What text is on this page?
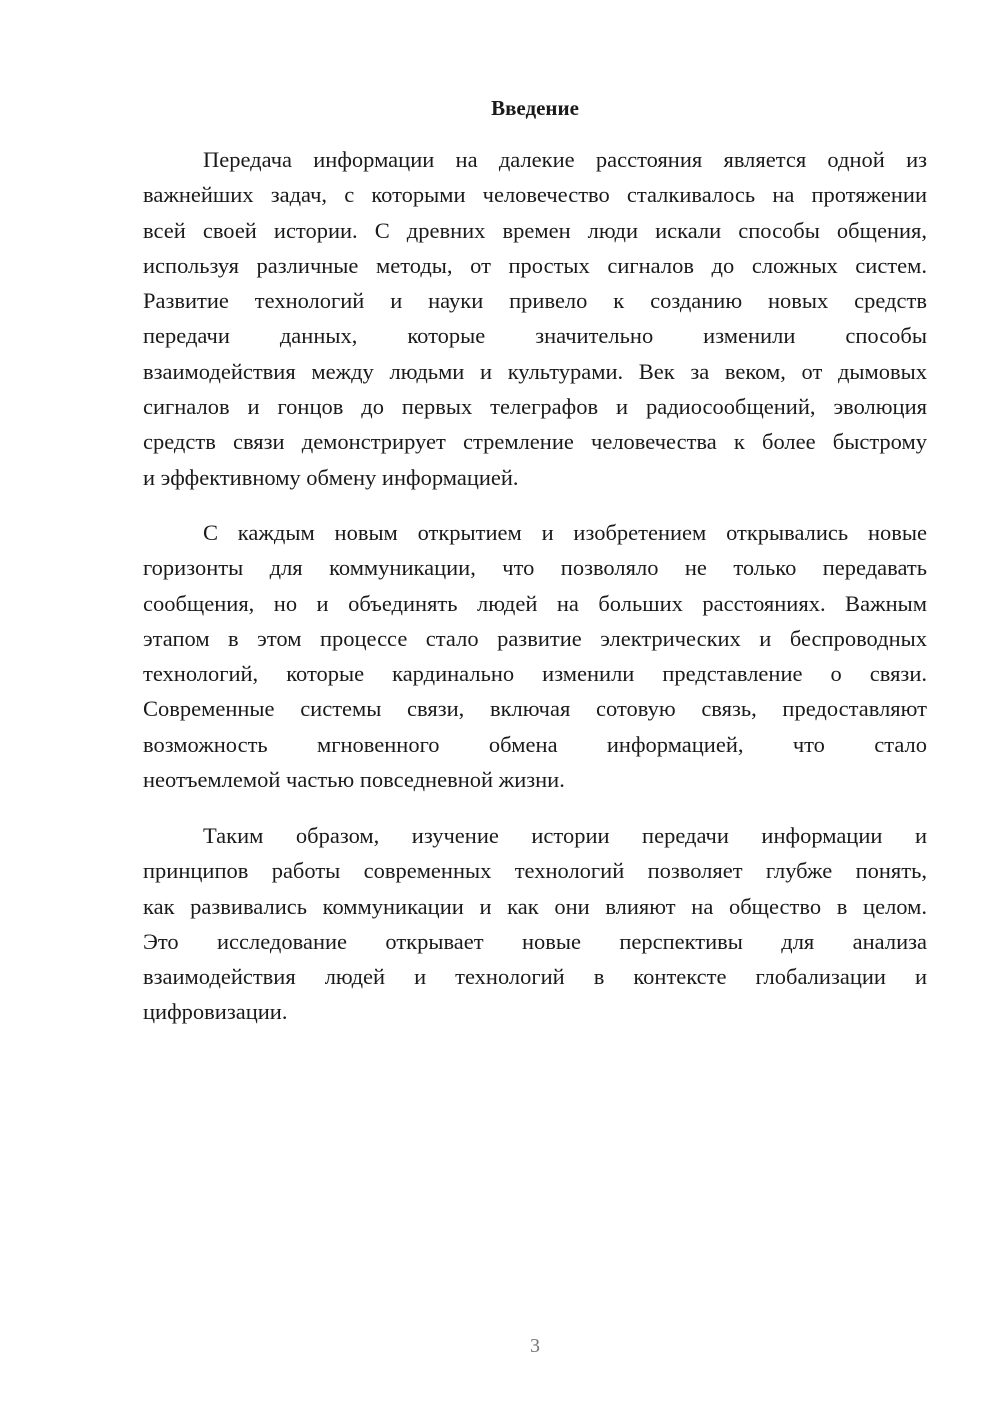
Введение
Передача информации на далекие расстояния является одной из
важнейших задач, с которыми человечество сталкивалось на протяжении
всей своей истории. С древних времен люди искали способы общения,
используя различные методы, от простых сигналов до сложных систем.
Развитие технологий и науки привело к созданию новых средств
передачи данных, которые значительно изменили способы
взаимодействия между людьми и культурами. Век за веком, от дымовых
сигналов и гонцов до первых телеграфов и радиосообщений, эволюция
средств связи демонстрирует стремление человечества к более быстрому
и эффективному обмену информацией.
С каждым новым открытием и изобретением открывались новые
горизонты для коммуникации, что позволяло не только передавать
сообщения, но и объединять людей на больших расстояниях. Важным
этапом в этом процессе стало развитие электрических и беспроводных
технологий, которые кардинально изменили представление о связи.
Современные системы связи, включая сотовую связь, предоставляют
возможность мгновенного обмена информацией, что стало
неотъемлемой частью повседневной жизни.
Таким образом, изучение истории передачи информации и
принципов работы современных технологий позволяет глубже понять,
как развивались коммуникации и как они влияют на общество в целом.
Это исследование открывает новые перспективы для анализа
взаимодействия людей и технологий в контексте глобализации и
цифровизации.
3
